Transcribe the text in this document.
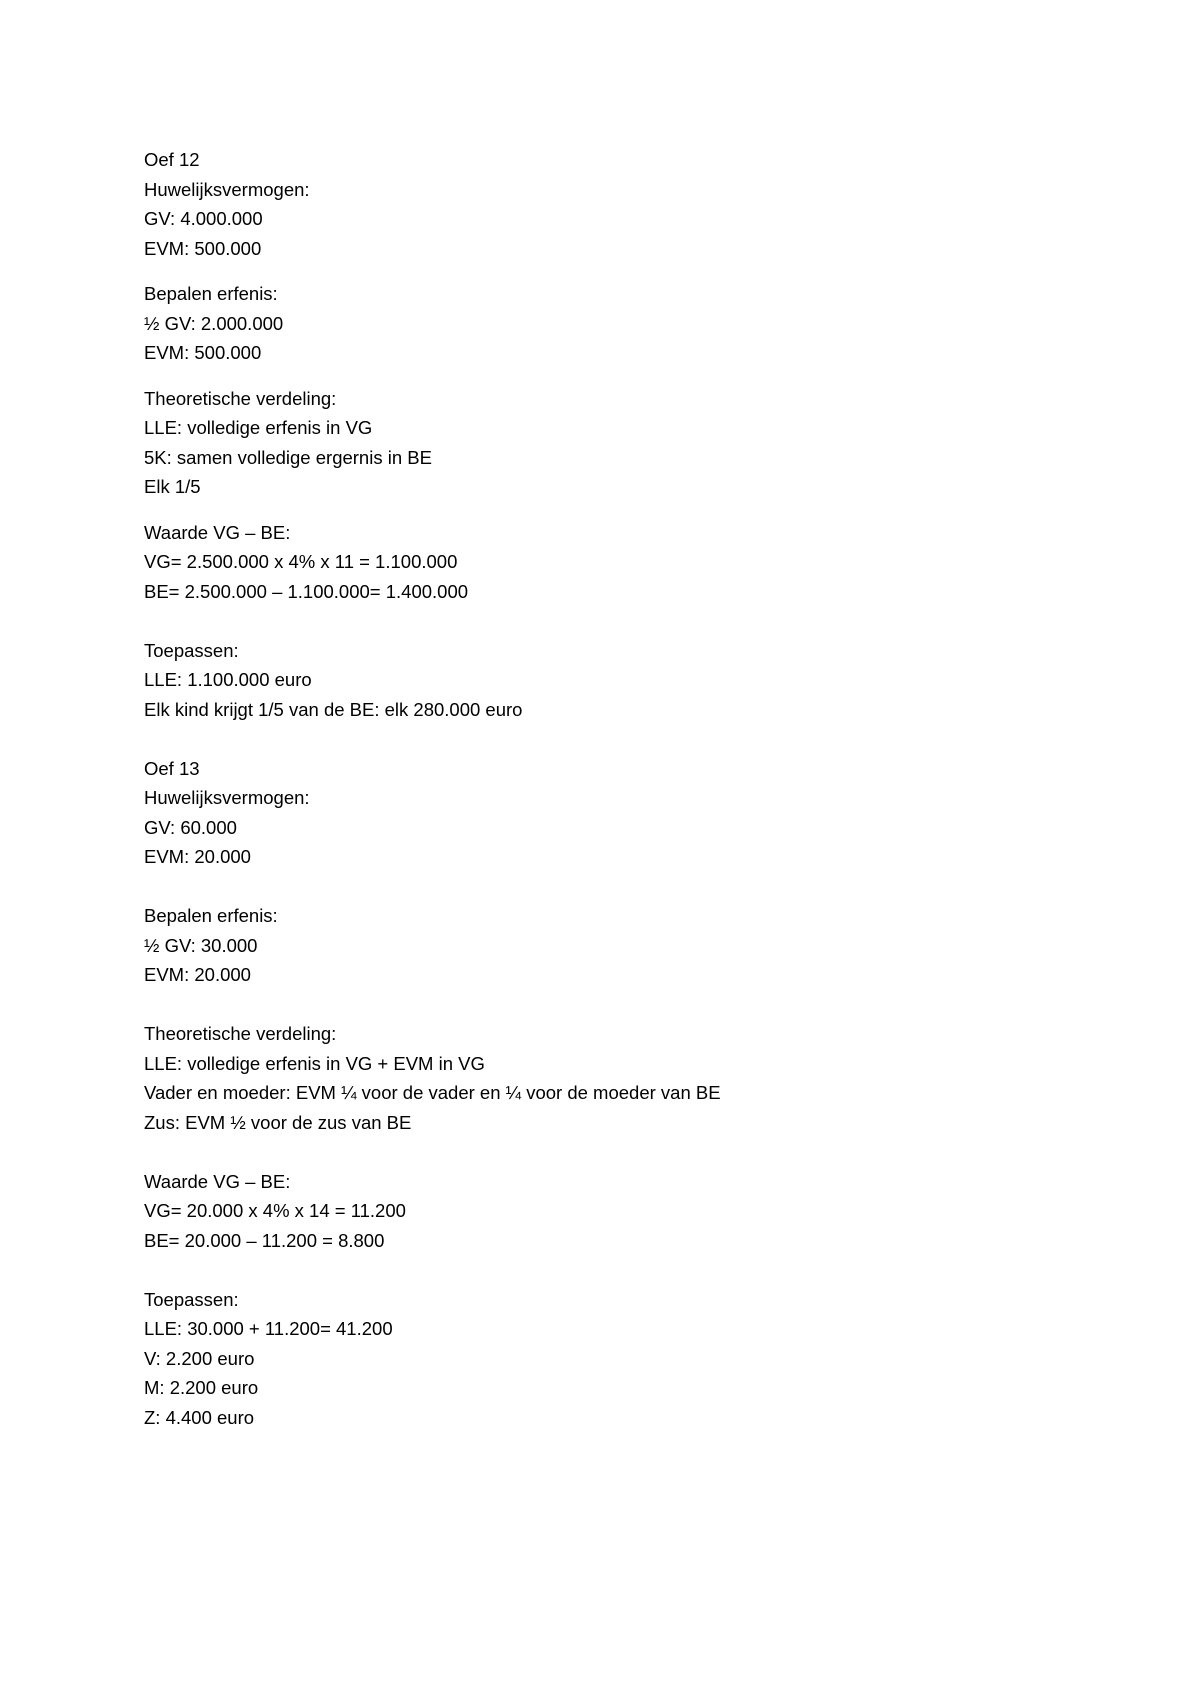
Oef 12
Huwelijksvermogen:
GV: 4.000.000
EVM: 500.000
Bepalen erfenis:
½ GV: 2.000.000
EVM: 500.000
Theoretische verdeling:
LLE: volledige erfenis in VG
5K: samen volledige ergernis in BE
Elk 1/5
Waarde VG – BE:
VG= 2.500.000 x 4% x 11 = 1.100.000
BE= 2.500.000 – 1.100.000= 1.400.000
Toepassen:
LLE: 1.100.000 euro
Elk kind krijgt 1/5 van de BE: elk 280.000 euro
Oef 13
Huwelijksvermogen:
GV: 60.000
EVM: 20.000
Bepalen erfenis:
½ GV: 30.000
EVM: 20.000
Theoretische verdeling:
LLE: volledige erfenis in VG + EVM in VG
Vader en moeder: EVM ¼ voor de vader en ¼ voor de moeder van BE
Zus: EVM ½ voor de zus van BE
Waarde VG – BE:
VG= 20.000 x 4% x 14 = 11.200
BE= 20.000 – 11.200 = 8.800
Toepassen:
LLE: 30.000 + 11.200= 41.200
V: 2.200 euro
M: 2.200 euro
Z: 4.400 euro
